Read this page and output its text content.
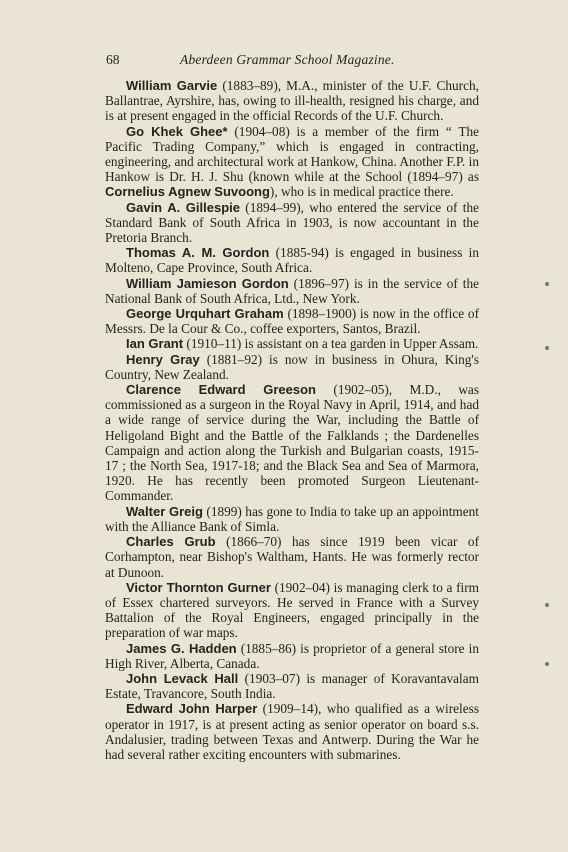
68	Aberdeen Grammar School Magazine.

William Garvie (1883–89), M.A., minister of the U.F. Church, Ballantrae, Ayrshire, has, owing to ill-health, resigned his charge, and is at present engaged in the official Records of the U.F. Church.

Go Khek Ghee* (1904–08) is a member of the firm “ The Pacific Trading Company,” which is engaged in contracting, engineering, and architectural work at Hankow, China. Another F.P. in Hankow is Dr. H. J. Shu (known while at the School (1894–97) as Cornelius Agnew Suvoong), who is in medical practice there.

Gavin A. Gillespie (1894–99), who entered the service of the Standard Bank of South Africa in 1903, is now accountant in the Pretoria Branch.

Thomas A. M. Gordon (1885-94) is engaged in business in Molteno, Cape Province, South Africa.

William Jamieson Gordon (1896–97) is in the service of the National Bank of South Africa, Ltd., New York.

George Urquhart Graham (1898–1900) is now in the office of Messrs. De la Cour & Co., coffee exporters, Santos, Brazil.

Ian Grant (1910–11) is assistant on a tea garden in Upper Assam.

Henry Gray (1881–92) is now in business in Ohura, King's Country, New Zealand.

Clarence Edward Greeson (1902–05), M.D., was commissioned as a surgeon in the Royal Navy in April, 1914, and had a wide range of service during the War, including the Battle of Heligoland Bight and the Battle of the Falklands ; the Dardenelles Campaign and action along the Turkish and Bulgarian coasts, 1915-17 ; the North Sea, 1917-18; and the Black Sea and Sea of Marmora, 1920. He has recently been promoted Surgeon Lieutenant-Commander.

Walter Greig (1899) has gone to India to take up an appointment with the Alliance Bank of Simla.

Charles Grub (1866–70) has since 1919 been vicar of Corhampton, near Bishop's Waltham, Hants. He was formerly rector at Dunoon.

Victor Thornton Gurner (1902–04) is managing clerk to a firm of Essex chartered surveyors. He served in France with a Survey Battalion of the Royal Engineers, engaged principally in the preparation of war maps.

James G. Hadden (1885–86) is proprietor of a general store in High River, Alberta, Canada.

John Levack Hall (1903–07) is manager of Koravantavalam Estate, Travancore, South India.

Edward John Harper (1909–14), who qualified as a wireless operator in 1917, is at present acting as senior operator on board s.s. Andalusier, trading between Texas and Antwerp. During the War he had several rather exciting encounters with submarines.
